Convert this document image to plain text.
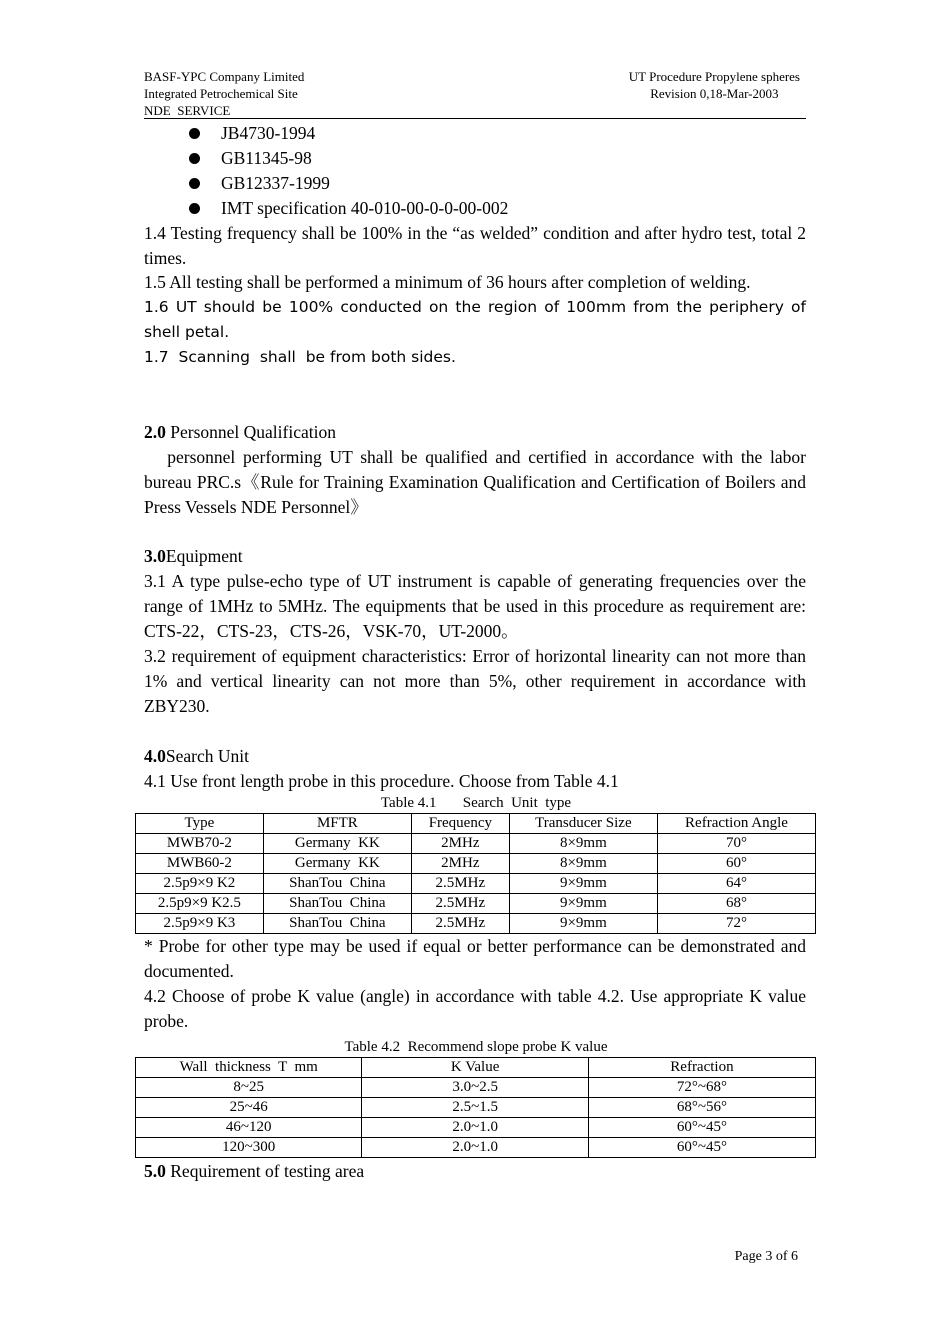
BASF-YPC Company Limited
Integrated Petrochemical Site
NDE  SERVICE
UT Procedure Propylene spheres
Revision 0,18-Mar-2003
JB4730-1994
GB11345-98
GB12337-1999
IMT specification 40-010-00-0-0-00-002

1.4 Testing frequency shall be 100% in the “as welded” condition and after hydro test, total 2 times.

1.5 All testing shall be performed a minimum of 36 hours after completion of welding.

1.6 UT should be 100% conducted on the region of 100mm from the periphery of shell petal.

1.7  Scanning  shall  be from both sides.

2.0 Personnel Qualification

personnel performing UT shall be qualified and certified in accordance with the labor bureau PRC.s《Rule for Training Examination Qualification and Certification of Boilers and Press Vessels NDE Personnel》

3.0Equipment

3.1 A type pulse-echo type of UT instrument is capable of generating frequencies over the range of 1MHz to 5MHz. The equipments that be used in this procedure as requirement are: CTS-22，CTS-23，CTS-26，VSK-70，UT-2000。

3.2 requirement of equipment characteristics: Error of horizontal linearity can not more than 1% and vertical linearity can not more than 5%, other requirement in accordance with ZBY230.

4.0Search Unit

4.1 Use front length probe in this procedure. Choose from Table 4.1

Table 4.1       Search  Unit  type
Type	MFTR	Frequency	Transducer Size	Refraction Angle
MWB70-2	Germany  KK	2MHz	8×9mm	70°
MWB60-2	Germany  KK	2MHz	8×9mm	60°
2.5p9×9 K2	ShanTou  China	2.5MHz	9×9mm	64°
2.5p9×9 K2.5	ShanTou  China	2.5MHz	9×9mm	68°
2.5p9×9 K3	ShanTou  China	2.5MHz	9×9mm	72°

* Probe for other type may be used if equal or better performance can be demonstrated and documented.

4.2 Choose of probe K value (angle) in accordance with table 4.2. Use appropriate K value probe.

Table 4.2  Recommend slope probe K value
Wall  thickness  T  mm	K Value	Refraction
8~25	3.0~2.5	72°~68°
25~46	2.5~1.5	68°~56°
46~120	2.0~1.0	60°~45°
120~300	2.0~1.0	60°~45°

5.0 Requirement of testing area

Page 3 of 6
